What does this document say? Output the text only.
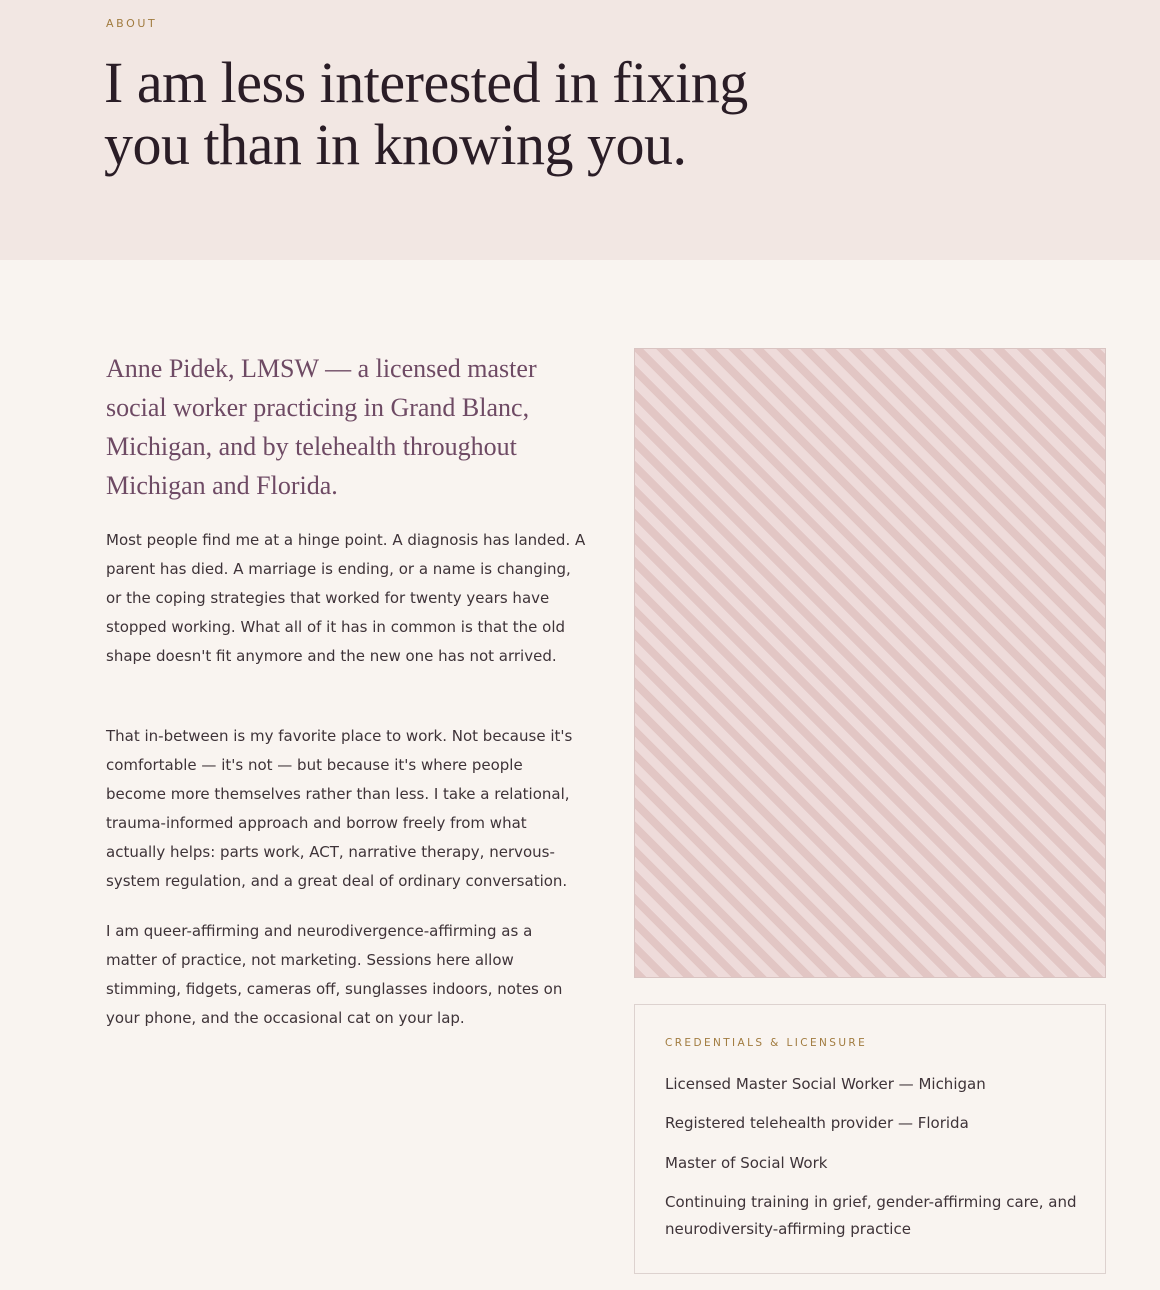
ABOUT
I am less interested in fixing you than in knowing you.

Anne Pidek, LMSW — a licensed master social worker practicing in Grand Blanc, Michigan, and by telehealth throughout Michigan and Florida.

Most people find me at a hinge point. A diagnosis has landed. A parent has died. A marriage is ending, or a name is changing, or the coping strategies that worked for twenty years have stopped working. What all of it has in common is that the old shape doesn't fit anymore and the new one has not arrived.

That in-between is my favorite place to work. Not because it's comfortable — it's not — but because it's where people become more themselves rather than less. I take a relational, trauma-informed approach and borrow freely from what actually helps: parts work, ACT, narrative therapy, nervous-system regulation, and a great deal of ordinary conversation.

I am queer-affirming and neurodivergence-affirming as a matter of practice, not marketing. Sessions here allow stimming, fidgets, cameras off, sunglasses indoors, notes on your phone, and the occasional cat on your lap.

CREDENTIALS & LICENSURE
Licensed Master Social Worker — Michigan
Registered telehealth provider — Florida
Master of Social Work
Continuing training in grief, gender-affirming care, and neurodiversity-affirming practice
